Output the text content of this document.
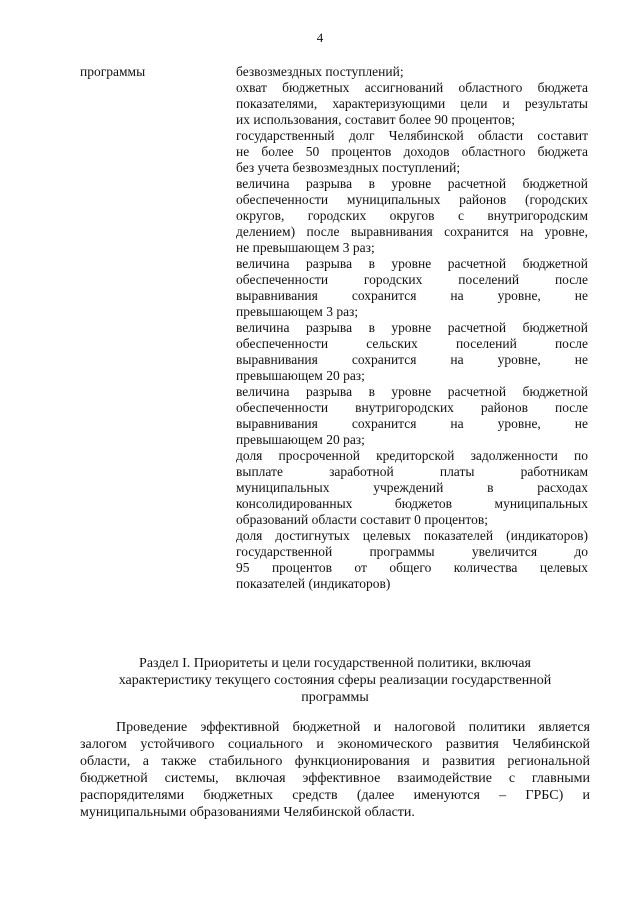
4
программы	безвозмездных поступлений;
охват бюджетных ассигнований областного бюджета
показателями, характеризующими цели и результаты
их использования, составит более 90 процентов;
государственный долг Челябинской области составит
не более 50 процентов доходов областного бюджета
без учета безвозмездных поступлений;
величина разрыва в уровне расчетной бюджетной
обеспеченности муниципальных районов (городских
округов, городских округов с внутригородским
делением) после выравнивания сохранится на уровне,
не превышающем 3 раз;
величина разрыва в уровне расчетной бюджетной
обеспеченности городских поселений после
выравнивания сохранится на уровне, не
превышающем 3 раз;
величина разрыва в уровне расчетной бюджетной
обеспеченности сельских поселений после
выравнивания сохранится на уровне, не
превышающем 20 раз;
величина разрыва в уровне расчетной бюджетной
обеспеченности внутригородских районов после
выравнивания сохранится на уровне, не
превышающем 20 раз;
доля просроченной кредиторской задолженности по
выплате заработной платы работникам
муниципальных учреждений в расходах
консолидированных бюджетов муниципальных
образований области составит 0 процентов;
доля достигнутых целевых показателей (индикаторов)
государственной программы увеличится до
95 процентов от общего количества целевых
показателей (индикаторов)
Раздел I. Приоритеты и цели государственной политики, включая
характеристику текущего состояния сферы реализации государственной
программы
Проведение эффективной бюджетной и налоговой политики является
залогом устойчивого социального и экономического развития Челябинской
области, а также стабильного функционирования и развития региональной
бюджетной системы, включая эффективное взаимодействие с главными
распорядителями бюджетных средств (далее именуются – ГРБС) и
муниципальными образованиями Челябинской области.
